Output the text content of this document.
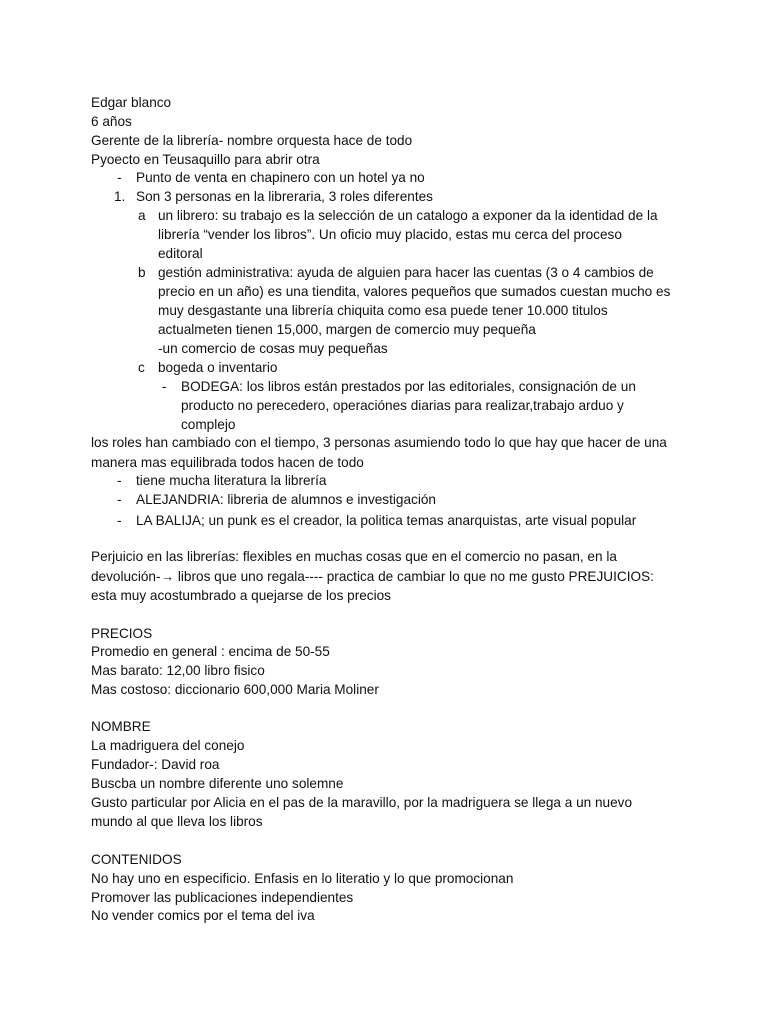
-
1.
a
b
c
-
-
-
-
Edgar blanco
6 años
Gerente de la librería- nombre orquesta hace de todo
Pyoecto en Teusaquillo para abrir otra
Punto de venta en chapinero con un hotel ya no
Son 3 personas en la libreraria, 3 roles diferentes
un librero: su trabajo es la selección de un catalogo a exponer da la identidad de la
librería “vender los libros”. Un oficio muy placido, estas mu cerca del proceso
editoral
gestión administrativa: ayuda de alguien para hacer las cuentas (3 o 4 cambios de
precio en un año) es una tiendita, valores pequeños que sumados cuestan mucho es
muy desgastante una librería chiquita como esa puede tener 10.000 titulos
actualmeten tienen 15,000, margen de comercio muy pequeña
-un comercio de cosas muy pequeñas
bogeda o inventario
BODEGA: los libros están prestados por las editoriales, consignación de un
producto no perecedero, operaciónes diarias para realizar,trabajo arduo y
complejo
los roles han cambiado con el tiempo, 3 personas asumiendo todo lo que hay que hacer de una
manera mas equilibrada todos hacen de todo
tiene mucha literatura la librería
ALEJANDRIA: libreria de alumnos e investigación
LA BALIJA; un punk es el creador, la politica temas anarquistas, arte visual popular
Perjuicio en las librerías: flexibles en muchas cosas que en el comercio no pasan, en la
devolución-→ libros que uno regala---- practica de cambiar lo que no me gusto PREJUICIOS:
esta muy acostumbrado a quejarse de los precios
PRECIOS
Promedio en general : encima de 50-55
Mas barato: 12,00 libro fisico
Mas costoso: diccionario 600,000 Maria Moliner
NOMBRE
La madriguera del conejo
Fundador-: David roa
Buscba un nombre diferente uno solemne
Gusto particular por Alicia en el pas de la maravillo, por la madriguera se llega a un nuevo
mundo al que lleva los libros
CONTENIDOS
No hay uno en especificio. Enfasis en lo literatio y lo que promocionan
Promover las publicaciones independientes
No vender comics por el tema del iva
